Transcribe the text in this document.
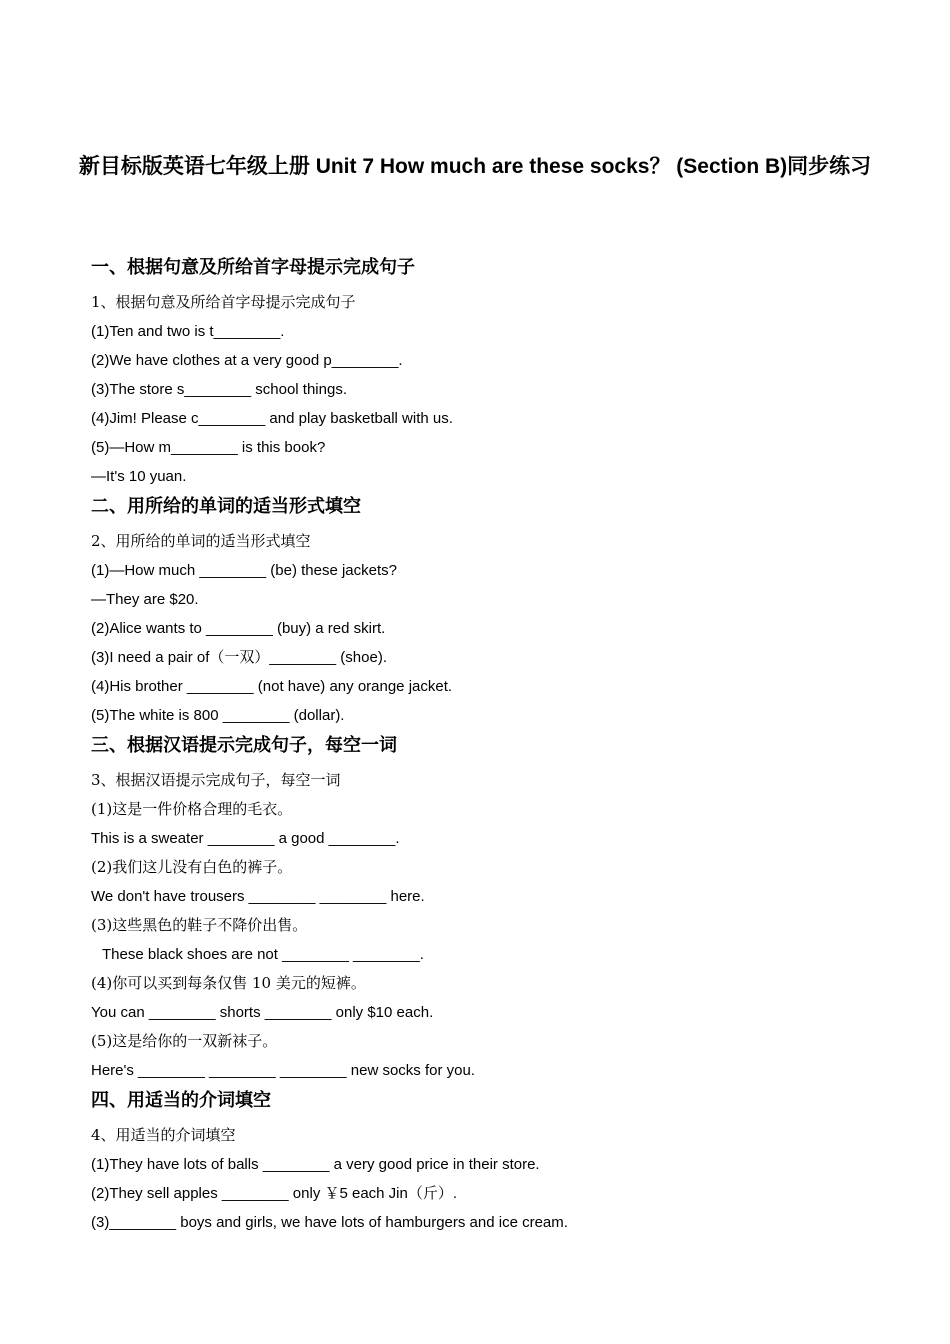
新目标版英语七年级上册 Unit 7 How much are these socks？ (Section B)同步练习

一、根据句意及所给首字母提示完成句子

1、根据句意及所给首字母提示完成句子

(1)Ten and two is t________.

(2)We have clothes at a very good p________.

(3)The store s________ school things.

(4)Jim! Please c________ and play basketball with us.

(5)—How m________ is this book?

—It's 10 yuan.

二、用所给的单词的适当形式填空

2、用所给的单词的适当形式填空

(1)—How much ________ (be) these jackets?

—They are $20.

(2)Alice wants to ________ (buy) a red skirt.

(3)I need a pair of（一双）________ (shoe).

(4)His brother ________ (not have) any orange jacket.

(5)The white is 800 ________ (dollar).

三、根据汉语提示完成句子，每空一词

3、根据汉语提示完成句子，每空一词

(1)这是一件价格合理的毛衣。

This is a sweater ________ a good ________.

(2)我们这儿没有白色的裤子。

We don't have trousers ________ ________ here.

(3)这些黑色的鞋子不降价出售。

These black shoes are not ________ ________.

(4)你可以买到每条仅售 10 美元的短裤。

You can ________ shorts ________ only $10 each.

(5)这是给你的一双新袜子。

Here's ________ ________ ________ new socks for you.

四、用适当的介词填空

4、用适当的介词填空

(1)They have lots of balls ________ a very good price in their store.

(2)They sell apples ________ only ￥5 each Jin（斤）.

(3)________ boys and girls, we have lots of hamburgers and ice cream.
